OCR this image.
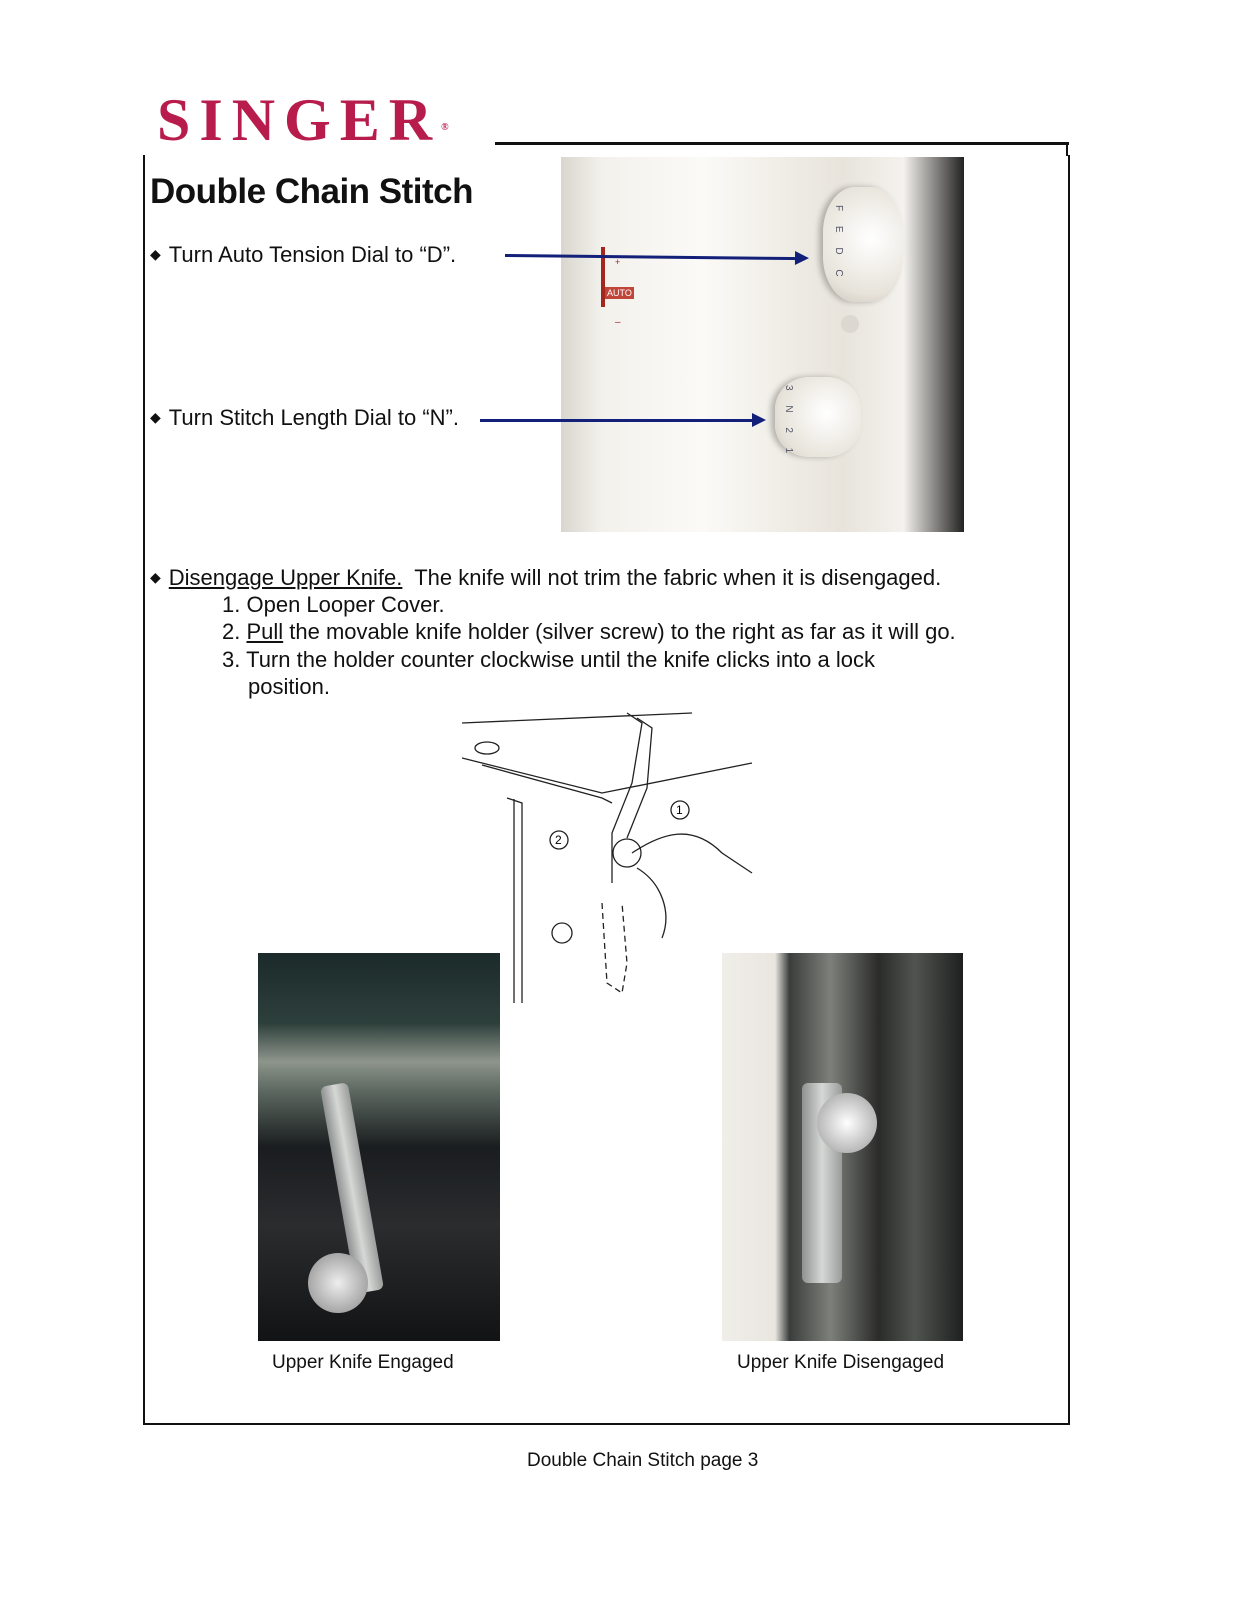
SINGER®
Double Chain Stitch
◆ Turn Auto Tension Dial to “D”.
◆ Turn Stitch Length Dial to “N”.
+
AUTO
–
F E D C
3 N 2 1
◆ Disengage Upper Knife.  The knife will not trim the fabric when it is disengaged.
1. Open Looper Cover.
2. Pull the movable knife holder (silver screw) to the right as far as it will go.
3. Turn the holder counter clockwise until the knife clicks into a lock
position.
1
2
Upper Knife Engaged	Upper Knife Disengaged
Double Chain Stitch page 3
